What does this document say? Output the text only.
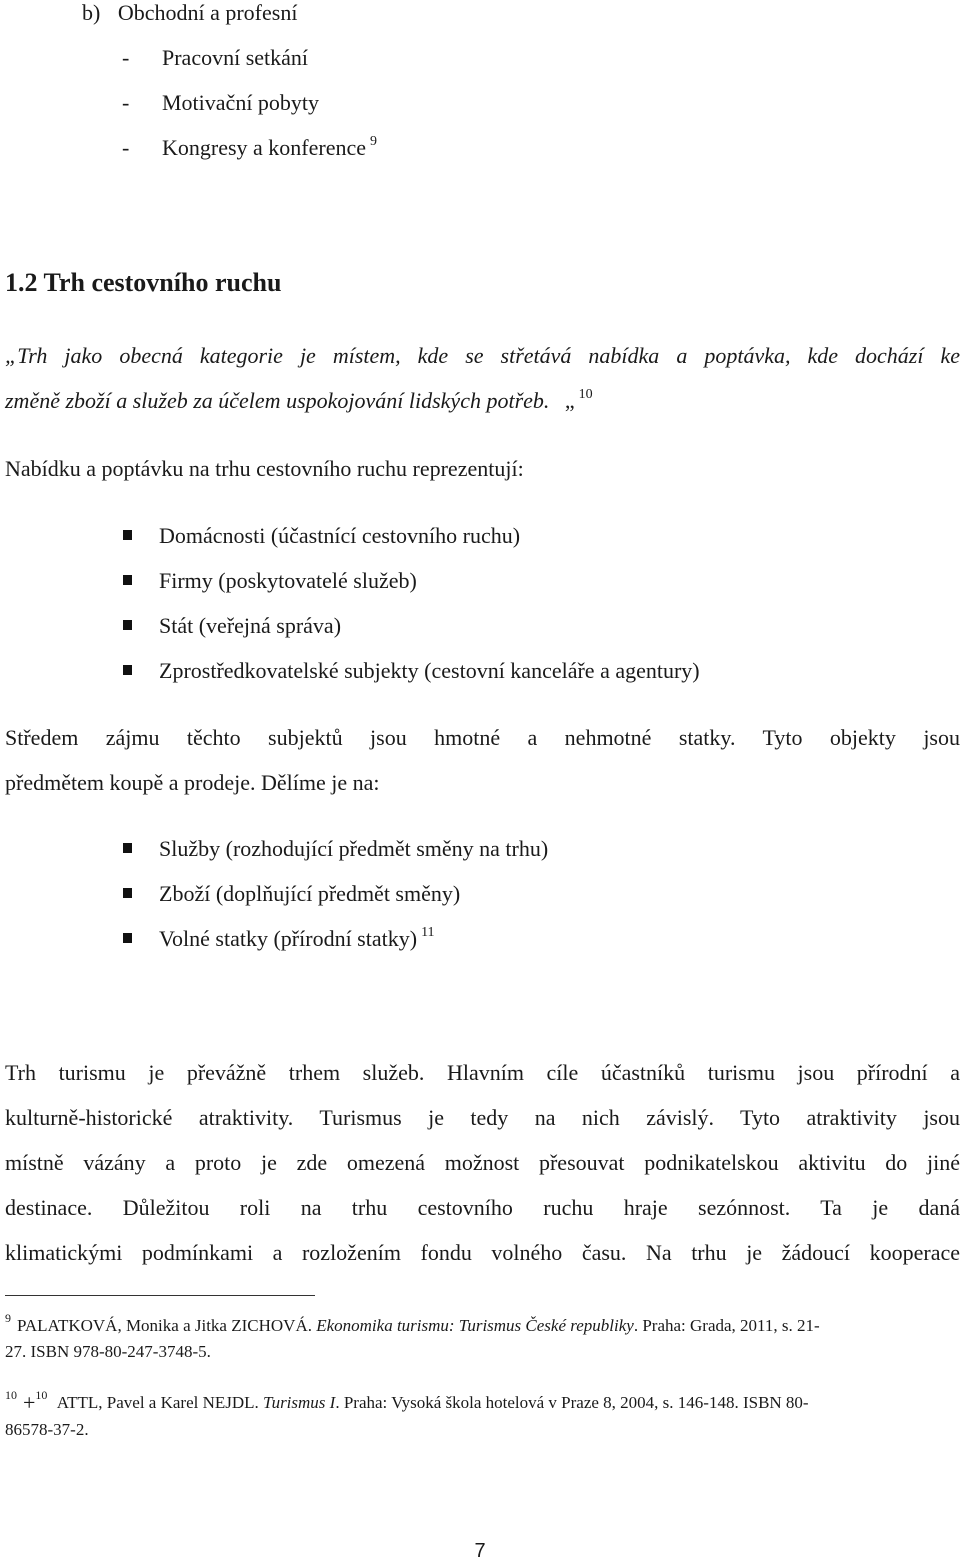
b) Obchodní a profesní
- Pracovní setkání
- Motivační pobyty
- Kongresy a konference $^9$
1.2 Trh cestovního ruchu
„Trh jako obecná kategorie je místem, kde se střetává nabídka a poptávka, kde dochází ke
změně zboží a služeb za účelem uspokojování lidských potřeb. „ $^{10}$
Nabídku a poptávku na trhu cestovního ruchu reprezentují:
Domácnosti (účastnící cestovního ruchu)
Firmy (poskytovatelé služeb)
Stát (veřejná správa)
Zprostředkovatelské subjekty (cestovní kanceláře a agentury)
Středem zájmu těchto subjektů jsou hmotné a nehmotné statky. Tyto objekty jsou
předmětem koupě a prodeje. Dělíme je na:
Služby (rozhodující předmět směny na trhu)
Zboží (doplňující předmět směny)
Volné statky (přírodní statky) $^{11}$
Trh turismu je převážně trhem služeb. Hlavním cíle účastníků turismu jsou přírodní a
kulturně-historické atraktivity. Turismus je tedy na nich závislý. Tyto atraktivity jsou
místně vázány a proto je zde omezená možnost přesouvat podnikatelskou aktivitu do jiné
destinace. Důležitou roli na trhu cestovního ruchu hraje sezónnost. Ta je daná
klimatickými podmínkami a rozložením fondu volného času. Na trhu je žádoucí kooperace
$^9$ PALATKOVÁ, Monika a Jitka ZICHOVÁ. Ekonomika turismu: Turismus České republiky. Praha: Grada, 2011, s. 21-
27. ISBN 978-80-247-3748-5.
$^{10}$ +$^{10}$ ATTL, Pavel a Karel NEJDL. Turismus I. Praha: Vysoká škola hotelová v Praze 8, 2004, s. 146-148. ISBN 80-
86578-37-2.
7
